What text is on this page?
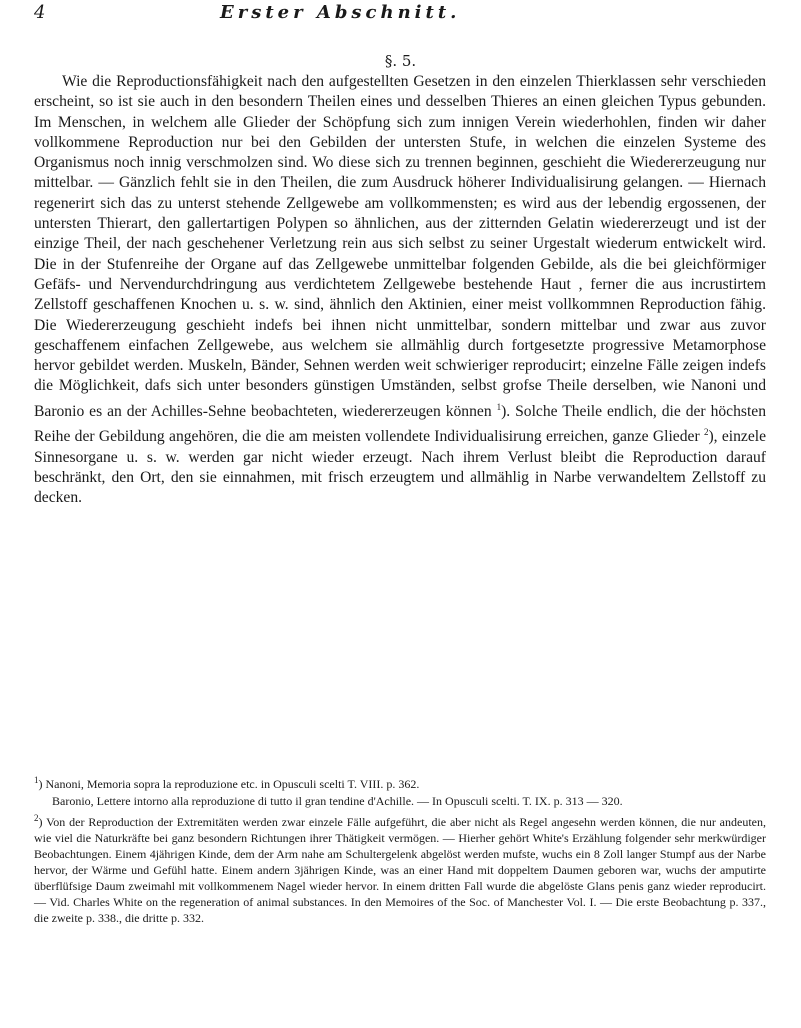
4	Erster Abschnitt.
§. 5.

Wie die Reproductionsfähigkeit nach den aufgestellten Gesetzen in den einzelen Thierklassen sehr verschieden erscheint, so ist sie auch in den besondern Theilen eines und desselben Thieres an einen gleichen Typus gebunden. Im Menschen, in welchem alle Glieder der Schöpfung sich zum innigen Verein wiederhohlen, finden wir daher vollkommene Reproduction nur bei den Gebilden der untersten Stufe, in welchen die einzelen Systeme des Organismus noch innig verschmolzen sind. Wo diese sich zu trennen beginnen, geschieht die Wiedererzeugung nur mittelbar. — Gänzlich fehlt sie in den Theilen, die zum Ausdruck höherer Individualisirung gelangen. — Hiernach regenerirt sich das zu unterst stehende Zellgewebe am vollkommensten; es wird aus der lebendig ergossenen, der untersten Thierart, den gallertartigen Polypen so ähnlichen, aus der zitternden Gelatin wiedererzeugt und ist der einzige Theil, der nach geschehener Verletzung rein aus sich selbst zu seiner Urgestalt wiederum entwickelt wird. Die in der Stufenreihe der Organe auf das Zellgewebe unmittelbar folgenden Gebilde, als die bei gleichförmiger Gefäfs- und Nervendurchdringung aus verdichtetem Zellgewebe bestehende Haut , ferner die aus incrustirtem Zellstoff geschaffenen Knochen u. s. w. sind, ähnlich den Aktinien, einer meist vollkommnen Reproduction fähig. Die Wiedererzeugung geschieht indefs bei ihnen nicht unmittelbar, sondern mittelbar und zwar aus zuvor geschaffenem einfachen Zellgewebe, aus welchem sie allmählig durch fortgesetzte progressive Metamorphose hervor gebildet werden. Muskeln, Bänder, Sehnen werden weit schwieriger reproducirt; einzelne Fälle zeigen indefs die Möglichkeit, dafs sich unter besonders günstigen Umständen, selbst grofse Theile derselben, wie Nanoni und Baronio es an der Achilles-Sehne beobachteten, wiedererzeugen können $^1$). Solche Theile endlich, die der höchsten Reihe der Gebildung angehören, die die am meisten vollendete Individualisirung erreichen, ganze Glieder $^2$), einzele Sinnesorgane u. s. w. werden gar nicht wieder erzeugt. Nach ihrem Verlust bleibt die Reproduction darauf beschränkt, den Ort, den sie einnahmen, mit frisch erzeugtem und allmählig in Narbe verwandeltem Zellstoff zu decken.

$^1$) Nanoni, Memoria sopra la reproduzione etc. in Opusculi scelti T. VIII. p. 362.

Baronio, Lettere intorno alla reproduzione di tutto il gran tendine d'Achille. — In Opusculi scelti. T. IX. p. 313 — 320.

$^2$) Von der Reproduction der Extremitäten werden zwar einzele Fälle aufgeführt, die aber nicht als Regel angesehn werden können, die nur andeuten, wie viel die Naturkräfte bei ganz besondern Richtungen ihrer Thätigkeit vermögen. — Hierher gehört White's Erzählung folgender sehr merkwürdiger Beobachtungen. Einem 4jährigen Kinde, dem der Arm nahe am Schultergelenk abgelöst werden mufste, wuchs ein 8 Zoll langer Stumpf aus der Narbe hervor, der Wärme und Gefühl hatte. Einem andern 3jährigen Kinde, was an einer Hand mit doppeltem Daumen geboren war, wuchs der amputirte überflüfsige Daum zweimahl mit vollkommenem Nagel wieder hervor. In einem dritten Fall wurde die abgelöste Glans penis ganz wieder reproducirt. — Vid. Charles White on the regeneration of animal substances. In den Memoires of the Soc. of Manchester Vol. I. — Die erste Beobachtung p. 337., die zweite p. 338., die dritte p. 332.
